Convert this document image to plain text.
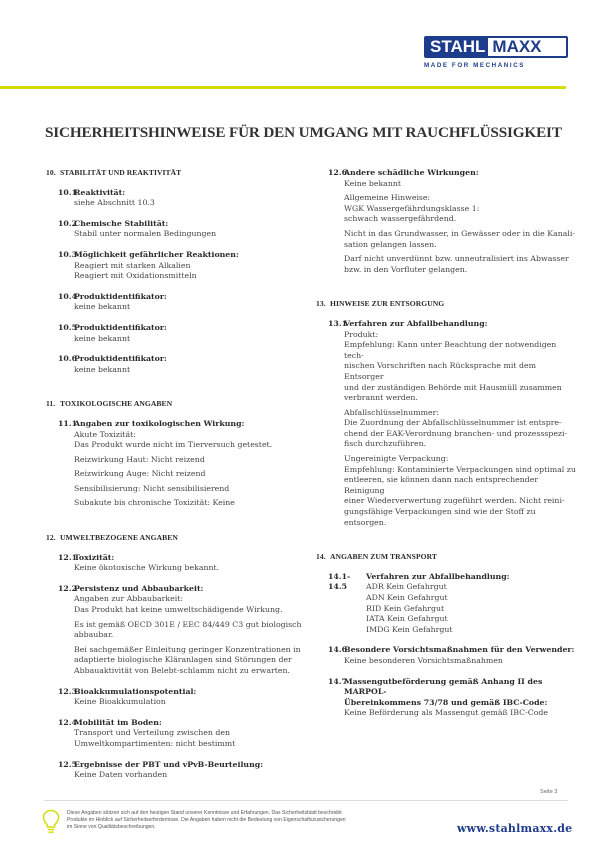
STAHL MAXX
MADE FOR MECHANICS
SICHERHEITSHINWEISE FÜR DEN UMGANG MIT RAUCHFLÜSSIGKEIT
10. STABILITÄT UND REAKTIVITÄT
10.1
Reaktivität:
siehe Abschnitt 10.3
10.2
Chemische Stabilität:
Stabil unter normalen Bedingungen
10.3
Möglichkeit gefährlicher Reaktionen:
Reagiert mit starken Alkalien
Reagiert mit Oxidationsmitteln
10.4
Produktidentifikator:
keine bekannt
10.5
Produktidentifikator:
keine bekannt
10.6
Produktidentifikator:
keine bekannt
11. TOXIKOLOGISCHE ANGABEN
11.1
Angaben zur toxikologischen Wirkung:
Akute Toxizität:
Das Produkt wurde nicht im Tierversuch getestet.
Reizwirkung Haut: Nicht reizend
Reizwirkung Auge: Nicht reizend
Sensibilisierung: Nicht sensibilisierend
Subakute bis chronische Toxizität: Keine
12. UMWELTBEZOGENE ANGABEN
12.1
Toxizität:
Keine ökotoxische Wirkung bekannt.
12.2
Persistenz und Abbaubarkeit:
Angaben zur Abbaubarkeit:
Das Produkt hat keine umweltschädigende Wirkung.
Es ist gemäß OECD 301E / EEC 84/449 C3 gut biologisch
abbaubar.
Bei sachgemäßer Einleitung geringer Konzentrationen in
adaptierte biologische Kläranlagen sind Störungen der
Abbauaktivität von Belebt-schlamm nicht zu erwarten.
12.3
Bioakkumulationspotential:
Keine Bioakkumulation
12.4
Mobilität im Boden:
Transport und Verteilung zwischen den
Umweltkompartimenten: nicht bestimmt
12.5
Ergebnisse der PBT und vPvB-Beurteilung:
Keine Daten vorhanden
12.6
Andere schädliche Wirkungen:
Keine bekannt
Allgemeine Hinweise:
WGK Wassergefährdungsklasse 1:
schwach wassergefährdend.
Nicht in das Grundwasser, in Gewässer oder in die Kanali-
sation gelangen lassen.
Darf nicht unverdünnt bzw. unneutralisiert ins Abwasser
bzw. in den Vorfluter gelangen.
13. HINWEISE ZUR ENTSORGUNG
13.1
Verfahren zur Abfallbehandlung:
Produkt:
Empfehlung: Kann unter Beachtung der notwendigen tech-
nischen Vorschriften nach Rücksprache mit dem Entsorger
und der zuständigen Behörde mit Hausmüll zusammen
verbrannt werden.
Abfallschlüsselnummer:
Die Zuordnung der Abfallschlüsselnummer ist entspre-
chend der EAK-Verordnung branchen- und prozessspezi-
fisch durchzuführen.
Ungereinigte Verpackung:
Empfehlung: Kontaminierte Verpackungen sind optimal zu
entleeren, sie können dann nach entsprechender Reinigung
einer Wiederverwertung zugeführt werden. Nicht reini-
gungsfähige Verpackungen sind wie der Stoff zu entsorgen.
14. ANGABEN ZUM TRANSPORT
14.1-14.5
Verfahren zur Abfallbehandlung:
ADR Kein Gefahrgut
ADN Kein Gefahrgut
RID Kein Gefahrgut
IATA Kein Gefahrgut
IMDG Kein Gefahrgut
14.6
Besondere Vorsichtsmaßnahmen für den Verwender:
Keine besonderen Vorsichtsmaßnahmen
14.7
Massengutbeförderung gemäß Anhang II des MARPOL-
Übereinkommens 73/78 und gemäß IBC-Code:
Keine Beförderung als Massengut gemäß IBC-Code
Seite 3
Diese Angaben stützen sich auf den heutigen Stand unserer Kenntnisse und Erfahrungen. Das Sicherheitsblatt beschreibt
Produkte im Hinblick auf Sicherheitserfordernisse. Die Angaben haben nicht die Bedeutung von Eigenschaftszusicherungen
im Sinne von Qualitätsbeschreibungen.	www.stahlmaxx.de
